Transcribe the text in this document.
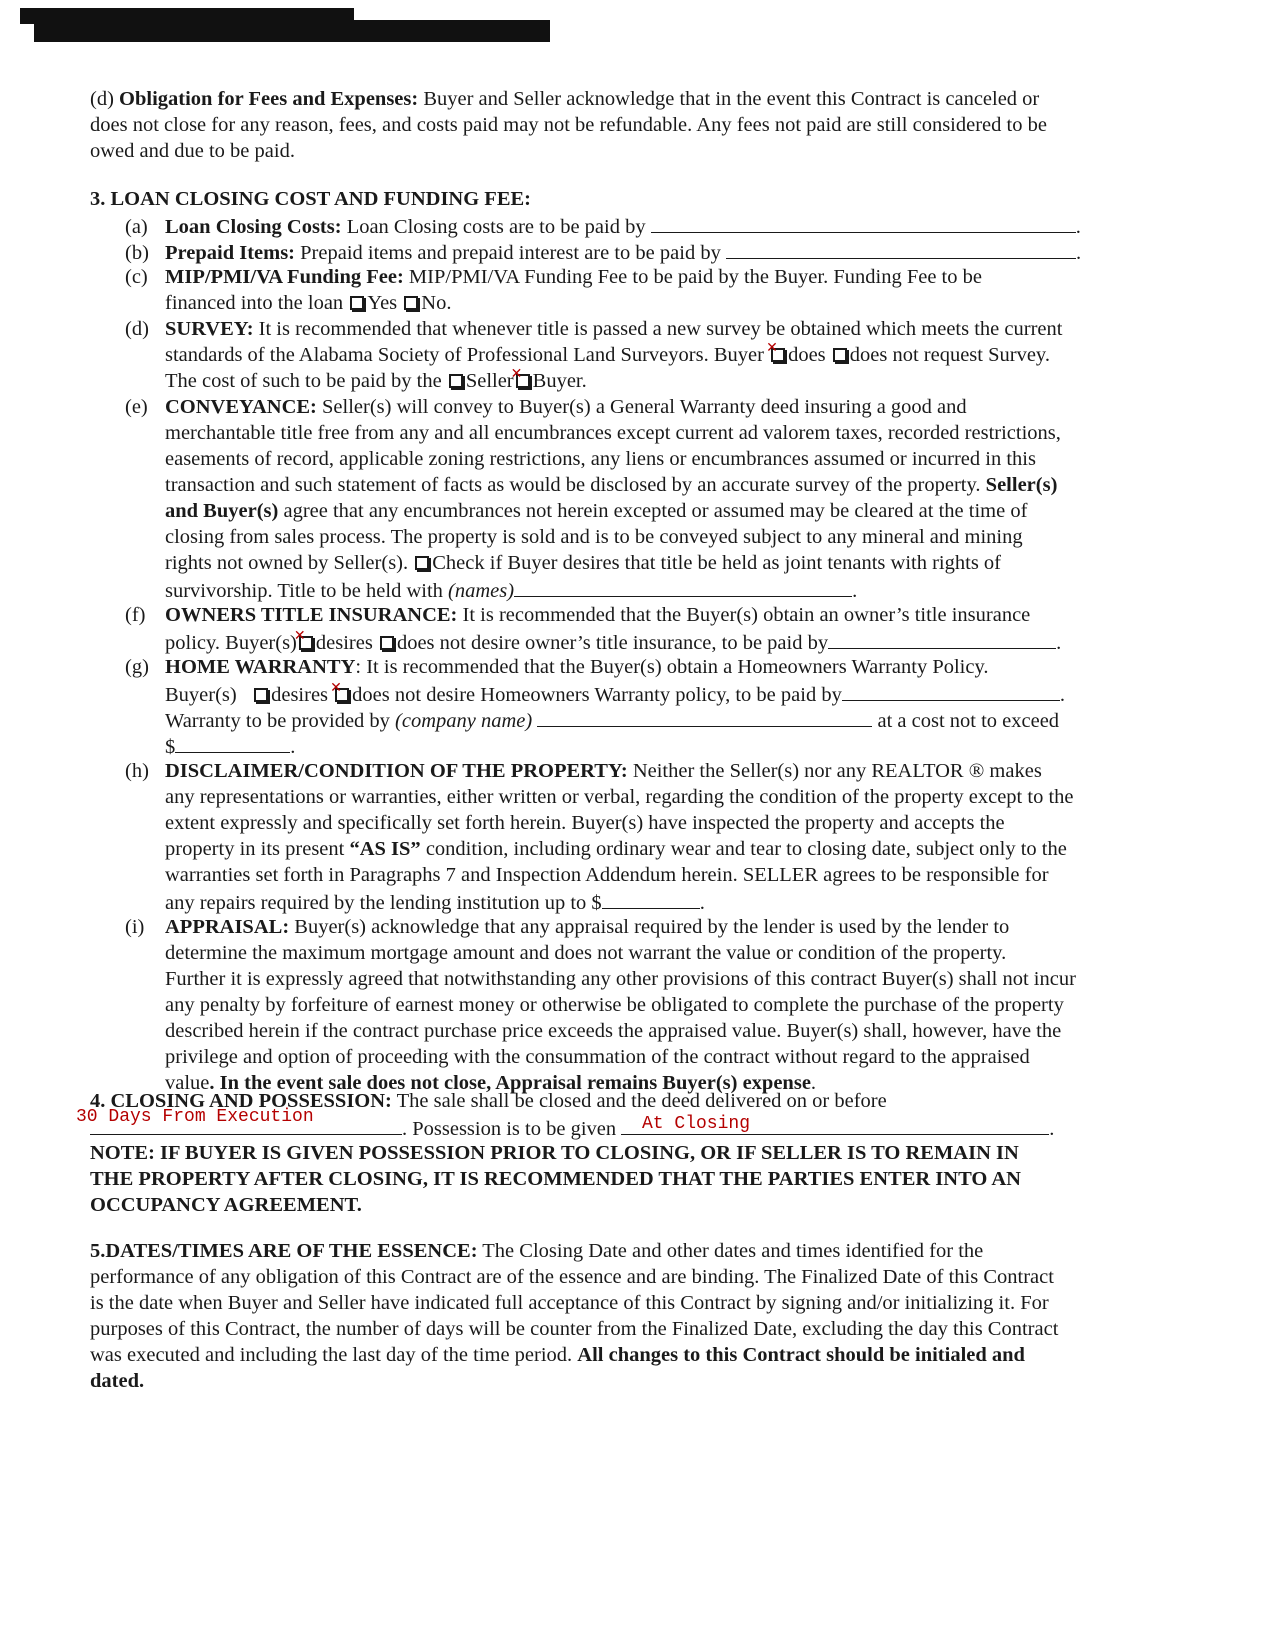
(d) Obligation for Fees and Expenses: Buyer and Seller acknowledge that in the event this Contract is canceled or
does not close for any reason, fees, and costs paid may not be refundable. Any fees not paid are still considered to be
owed and due to be paid.
3. LOAN CLOSING COST AND FUNDING FEE:
(a) Loan Closing Costs: Loan Closing costs are to be paid by	.
(b) Prepaid Items: Prepaid items and prepaid interest are to be paid by	.
(c) MIP/PMI/VA Funding Fee: MIP/PMI/VA Funding Fee to be paid by the Buyer. Funding Fee to be
financed into the loan Yes No.
(d) SURVEY: It is recommended that whenever title is passed a new survey be obtained which meets the current
standards of the Alabama Society of Professional Land Surveyors. Buyer ✕ does does not request Survey.
The cost of such to be paid by the Seller ✕ Buyer.
(e) CONVEYANCE: Seller(s) will convey to Buyer(s) a General Warranty deed insuring a good and
merchantable title free from any and all encumbrances except current ad valorem taxes, recorded restrictions,
easements of record, applicable zoning restrictions, any liens or encumbrances assumed or incurred in this
transaction and such statement of facts as would be disclosed by an accurate survey of the property. Seller(s)
and Buyer(s) agree that any encumbrances not herein excepted or assumed may be cleared at the time of
closing from sales process. The property is sold and is to be conveyed subject to any mineral and mining
rights not owned by Seller(s). Check if Buyer desires that title be held as joint tenants with rights of
survivorship. Title to be held with (names)	.
(f) OWNERS TITLE INSURANCE: It is recommended that the Buyer(s) obtain an owner’s title insurance
policy. Buyer(s) ✕ desires does not desire owner’s title insurance, to be paid by	.
(g) HOME WARRANTY: It is recommended that the Buyer(s) obtain a Homeowners Warranty Policy.
Buyer(s) desires ✕ does not desire Homeowners Warranty policy, to be paid by	.
Warranty to be provided by (company name)	at a cost not to exceed
$	.
(h) DISCLAIMER/CONDITION OF THE PROPERTY: Neither the Seller(s) nor any REALTOR ® makes
any representations or warranties, either written or verbal, regarding the condition of the property except to the
extent expressly and specifically set forth herein. Buyer(s) have inspected the property and accepts the
property in its present “AS IS” condition, including ordinary wear and tear to closing date, subject only to the
warranties set forth in Paragraphs 7 and Inspection Addendum herein. SELLER agrees to be responsible for
any repairs required by the lending institution up to $	.
(i) APPRAISAL: Buyer(s) acknowledge that any appraisal required by the lender is used by the lender to
determine the maximum mortgage amount and does not warrant the value or condition of the property.
Further it is expressly agreed that notwithstanding any other provisions of this contract Buyer(s) shall not incur
any penalty by forfeiture of earnest money or otherwise be obligated to complete the purchase of the property
described herein if the contract purchase price exceeds the appraised value. Buyer(s) shall, however, have the
privilege and option of proceeding with the consummation of the contract without regard to the appraised
value. In the event sale does not close, Appraisal remains Buyer(s) expense.
4. CLOSING AND POSSESSION: The sale shall be closed and the deed delivered on or before
. Possession is to be given	.
30 Days From Execution	At Closing
NOTE: IF BUYER IS GIVEN POSSESSION PRIOR TO CLOSING, OR IF SELLER IS TO REMAIN IN
THE PROPERTY AFTER CLOSING, IT IS RECOMMENDED THAT THE PARTIES ENTER INTO AN
OCCUPANCY AGREEMENT.
5.DATES/TIMES ARE OF THE ESSENCE: The Closing Date and other dates and times identified for the
performance of any obligation of this Contract are of the essence and are binding. The Finalized Date of this Contract
is the date when Buyer and Seller have indicated full acceptance of this Contract by signing and/or initializing it. For
purposes of this Contract, the number of days will be counter from the Finalized Date, excluding the day this Contract
was executed and including the last day of the time period. All changes to this Contract should be initialed and
dated.
